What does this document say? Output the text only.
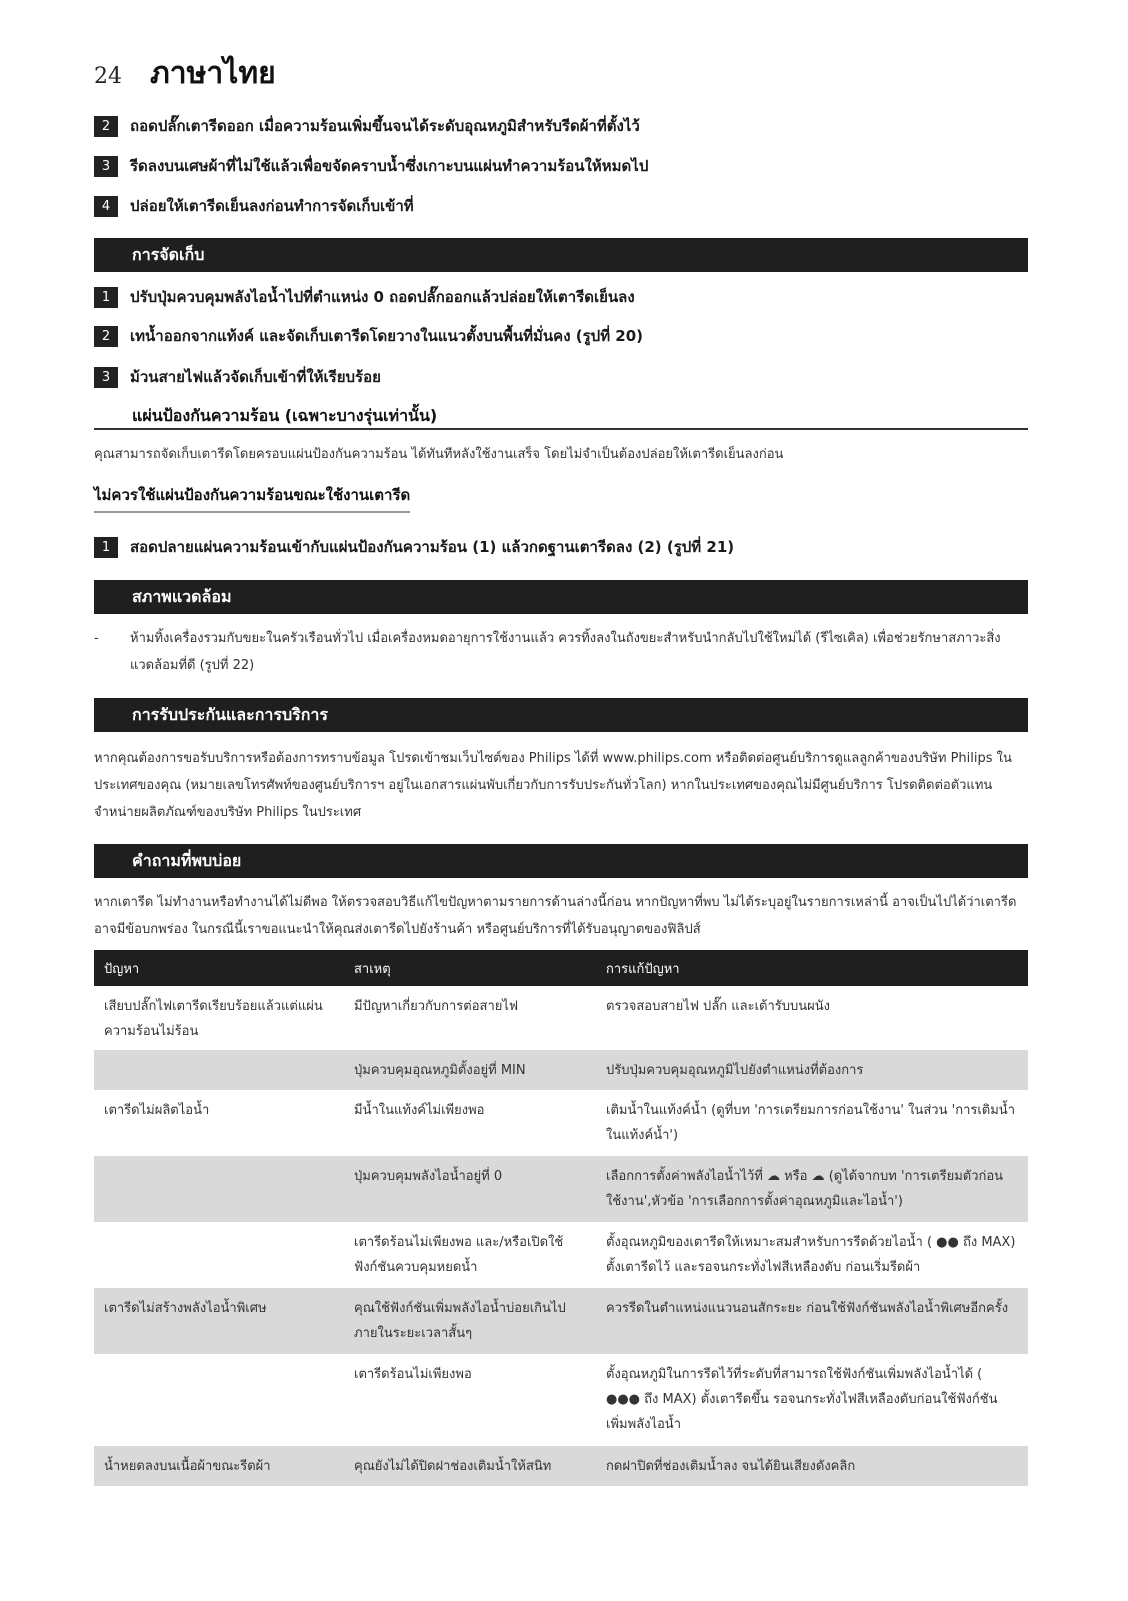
24 ภาษาไทย
2	ถอดปลั๊กเตารีดออก เมื่อความร้อนเพิ่มขึ้นจนได้ระดับอุณหภูมิสำหรับรีดผ้าที่ตั้งไว้
3	รีดลงบนเศษผ้าที่ไม่ใช้แล้วเพื่อขจัดคราบน้ำซึ่งเกาะบนแผ่นทำความร้อนให้หมดไป
4	ปล่อยให้เตารีดเย็นลงก่อนทำการจัดเก็บเข้าที่
การจัดเก็บ
1	ปรับปุ่มควบคุมพลังไอน้ำไปที่ตำแหน่ง 0 ถอดปลั๊กออกแล้วปล่อยให้เตารีดเย็นลง
2	เทน้ำออกจากแท้งค์ และจัดเก็บเตารีดโดยวางในแนวตั้งบนพื้นที่มั่นคง (รูปที่ 20)
3	ม้วนสายไฟแล้วจัดเก็บเข้าที่ให้เรียบร้อย
แผ่นป้องกันความร้อน (เฉพาะบางรุ่นเท่านั้น)
คุณสามารถจัดเก็บเตารีดโดยครอบแผ่นป้องกันความร้อน ได้ทันทีหลังใช้งานเสร็จ โดยไม่จำเป็นต้องปล่อยให้เตารีดเย็นลงก่อน
ไม่ควรใช้แผ่นป้องกันความร้อนขณะใช้งานเตารีด
1	สอดปลายแผ่นความร้อนเข้ากับแผ่นป้องกันความร้อน (1) แล้วกดฐานเตารีดลง (2) (รูปที่ 21)
สภาพแวดล้อม
-	ห้ามทิ้งเครื่องรวมกับขยะในครัวเรือนทั่วไป เมื่อเครื่องหมดอายุการใช้งานแล้ว ควรทิ้งลงในถังขยะสำหรับนำกลับไปใช้ใหม่ได้ (รีไซเคิล) เพื่อช่วยรักษาสภาวะสิ่งแวดล้อมที่ดี (รูปที่ 22)
การรับประกันและการบริการ
หากคุณต้องการขอรับบริการหรือต้องการทราบข้อมูล โปรดเข้าชมเว็บไซต์ของ Philips ได้ที่ www.philips.com หรือติดต่อศูนย์บริการดูแลลูกค้าของบริษัท Philips ในประเทศของคุณ (หมายเลขโทรศัพท์ของศูนย์บริการฯ อยู่ในเอกสารแผ่นพับเกี่ยวกับการรับประกันทั่วโลก) หากในประเทศของคุณไม่มีศูนย์บริการ โปรดติดต่อตัวแทนจำหน่ายผลิตภัณฑ์ของบริษัท Philips ในประเทศ
คำถามที่พบบ่อย
หากเตารีด ไม่ทำงานหรือทำงานได้ไม่ดีพอ ให้ตรวจสอบวิธีแก้ไขปัญหาตามรายการด้านล่างนี้ก่อน หากปัญหาที่พบ ไม่ได้ระบุอยู่ในรายการเหล่านี้ อาจเป็นไปได้ว่าเตารีดอาจมีข้อบกพร่อง ในกรณีนี้เราขอแนะนำให้คุณส่งเตารีดไปยังร้านค้า หรือศูนย์บริการที่ได้รับอนุญาตของฟิลิปส์
ปัญหา	สาเหตุ	การแก้ปัญหา
เสียบปลั๊กไฟเตารีดเรียบร้อยแล้วแต่แผ่นความร้อนไม่ร้อน	มีปัญหาเกี่ยวกับการต่อสายไฟ	ตรวจสอบสายไฟ ปลั๊ก และเต้ารับบนผนัง
	ปุ่มควบคุมอุณหภูมิตั้งอยู่ที่ MIN	ปรับปุ่มควบคุมอุณหภูมิไปยังตำแหน่งที่ต้องการ
เตารีดไม่ผลิตไอน้ำ	มีน้ำในแท้งค์ไม่เพียงพอ	เติมน้ำในแท้งค์น้ำ (ดูที่บท 'การเตรียมการก่อนใช้งาน' ในส่วน 'การเติมน้ำในแท้งค์น้ำ')
	ปุ่มควบคุมพลังไอน้ำอยู่ที่ 0	เลือกการตั้งค่าพลังไอน้ำไว้ที่ ☁ หรือ ☁ (ดูได้จากบท 'การเตรียมตัวก่อนใช้งาน',หัวข้อ 'การเลือกการตั้งค่าอุณหภูมิและไอน้ำ')
	เตารีดร้อนไม่เพียงพอ และ/หรือเปิดใช้ฟังก์ชันควบคุมหยดน้ำ	ตั้งอุณหภูมิของเตารีดให้เหมาะสมสำหรับการรีดด้วยไอน้ำ ( ●● ถึง MAX) ตั้งเตารีดไว้ และรอจนกระทั่งไฟสีเหลืองดับ ก่อนเริ่มรีดผ้า
เตารีดไม่สร้างพลังไอน้ำพิเศษ	คุณใช้ฟังก์ชันเพิ่มพลังไอน้ำบ่อยเกินไปภายในระยะเวลาสั้นๆ	ควรรีดในตำแหน่งแนวนอนสักระยะ ก่อนใช้ฟังก์ชันพลังไอน้ำพิเศษอีกครั้ง
	เตารีดร้อนไม่เพียงพอ	ตั้งอุณหภูมิในการรีดไว้ที่ระดับที่สามารถใช้ฟังก์ชันเพิ่มพลังไอน้ำได้ ( ●●● ถึง MAX) ตั้งเตารีดขึ้น รอจนกระทั่งไฟสีเหลืองดับก่อนใช้ฟังก์ชันเพิ่มพลังไอน้ำ
น้ำหยดลงบนเนื้อผ้าขณะรีดผ้า	คุณยังไม่ได้ปิดฝาช่องเติมน้ำให้สนิท	กดฝาปิดที่ช่องเติมน้ำลง จนได้ยินเสียงดังคลิก
